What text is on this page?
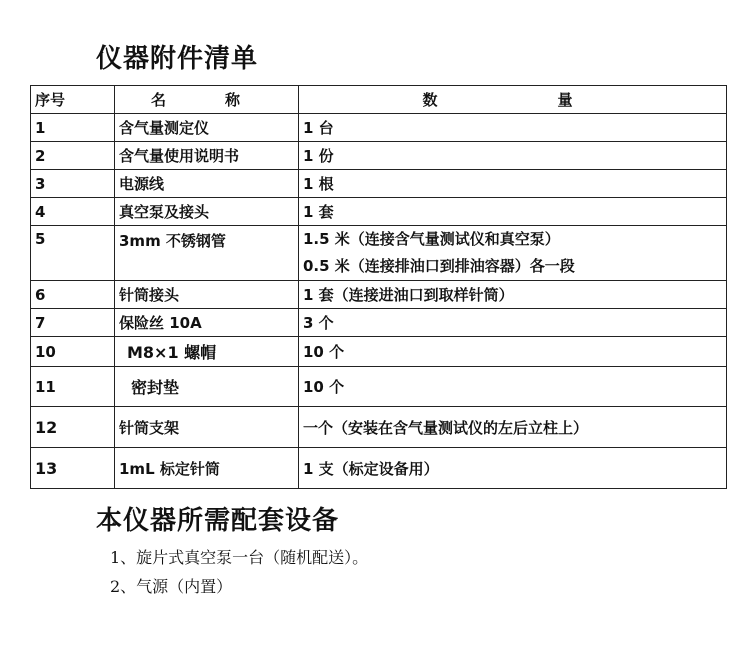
仪器附件清单
序号	名　称	数　　量
1	含气量测定仪	1 台
2	含气量使用说明书	1 份
3	电源线	1 根
4	真空泵及接头	1 套
5	3mm 不锈钢管	1.5 米（连接含气量测试仪和真空泵）
0.5 米（连接排油口到排油容器）各一段

6	针筒接头	1 套（连接进油口到取样针筒）
7	保险丝 10A	3 个
10	M8×1 螺帽	10 个
11	密封垫	10 个
12	针筒支架	一个（安装在含气量测试仪的左后立柱上）
13	1mL 标定针筒	1 支（标定设备用）
本仪器所需配套设备

1、旋片式真空泵一台（随机配送）。

2、气源（内置）
